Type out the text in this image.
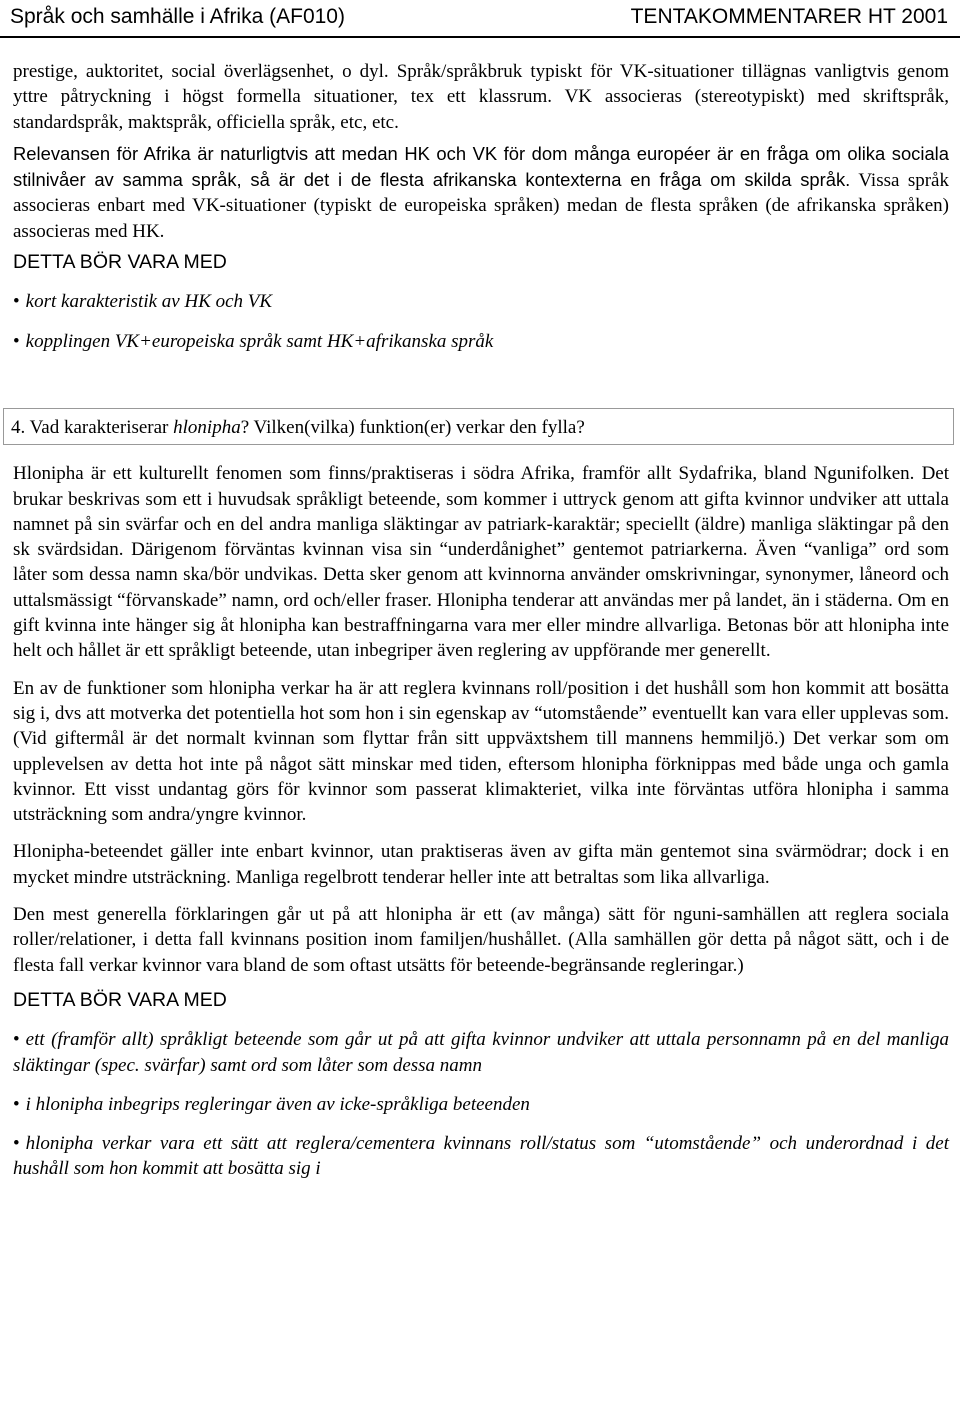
Språk och samhälle i Afrika (AF010)	TENTAKOMMENTARER HT 2001

prestige, auktoritet, social överlägsenhet, o dyl. Språk/språkbruk typiskt för VK-situationer tillägnas vanligtvis genom yttre påtryckning i högst formella situationer, tex ett klassrum. VK associeras (stereotypiskt) med skriftspråk, standardspråk, maktspråk, officiella språk, etc, etc.

Relevansen för Afrika är naturligtvis att medan HK och VK för dom många européer är en fråga om olika sociala stilnivåer av samma språk, så är det i de flesta afrikanska kontexterna en fråga om skilda språk. Vissa språk associeras enbart med VK-situationer (typiskt de europeiska språken) medan de flesta språken (de afrikanska språken) associeras med HK.

DETTA BÖR VARA MED

• kort karakteristik av HK och VK
• kopplingen VK+europeiska språk samt HK+afrikanska språk
4. Vad karakteriserar hlonipha? Vilken(vilka) funktion(er) verkar den fylla?

Hlonipha är ett kulturellt fenomen som finns/praktiseras i södra Afrika, framför allt Sydafrika, bland Ngunifolken. Det brukar beskrivas som ett i huvudsak språkligt beteende, som kommer i uttryck genom att gifta kvinnor undviker att uttala namnet på sin svärfar och en del andra manliga släktingar av patriark-karaktär; speciellt (äldre) manliga släktingar på den sk svärdsidan. Därigenom förväntas kvinnan visa sin “underdånighet” gentemot patriarkerna. Även “vanliga” ord som låter som dessa namn ska/bör undvikas. Detta sker genom att kvinnorna använder omskrivningar, synonymer, låneord och uttalsmässigt “förvanskade” namn, ord och/eller fraser. Hlonipha tenderar att användas mer på landet, än i städerna. Om en gift kvinna inte hänger sig åt hlonipha kan bestraffningarna vara mer eller mindre allvarliga. Betonas bör att hlonipha inte helt och hållet är ett språkligt beteende, utan inbegriper även reglering av uppförande mer generellt.

En av de funktioner som hlonipha verkar ha är att reglera kvinnans roll/position i det hushåll som hon kommit att bosätta sig i, dvs att motverka det potentiella hot som hon i sin egenskap av “utomstående” eventuellt kan vara eller upplevas som. (Vid giftermål är det normalt kvinnan som flyttar från sitt uppväxtshem till mannens hemmiljö.) Det verkar som om upplevelsen av detta hot inte på något sätt minskar med tiden, eftersom hlonipha förknippas med både unga och gamla kvinnor. Ett visst undantag görs för kvinnor som passerat klimakteriet, vilka inte förväntas utföra hlonipha i samma utsträckning som andra/yngre kvinnor.

Hlonipha-beteendet gäller inte enbart kvinnor, utan praktiseras även av gifta män gentemot sina svärmödrar; dock i en mycket mindre utsträckning. Manliga regelbrott tenderar heller inte att betraltas som lika allvarliga.

Den mest generella förklaringen går ut på att hlonipha är ett (av många) sätt för nguni-samhällen att reglera sociala roller/relationer, i detta fall kvinnans position inom familjen/hushållet. (Alla samhällen gör detta på något sätt, och i de flesta fall verkar kvinnor vara bland de som oftast utsätts för beteende-begränsande regleringar.)

DETTA BÖR VARA MED

• ett (framför allt) språkligt beteende som går ut på att gifta kvinnor undviker att uttala personnamn på en del manliga släktingar (spec. svärfar) samt ord som låter som dessa namn
• i hlonipha inbegrips regleringar även av icke-språkliga beteenden
• hlonipha verkar vara ett sätt att reglera/cementera kvinnans roll/status som “utomstående” och underordnad i det hushåll som hon kommit att bosätta sig i
